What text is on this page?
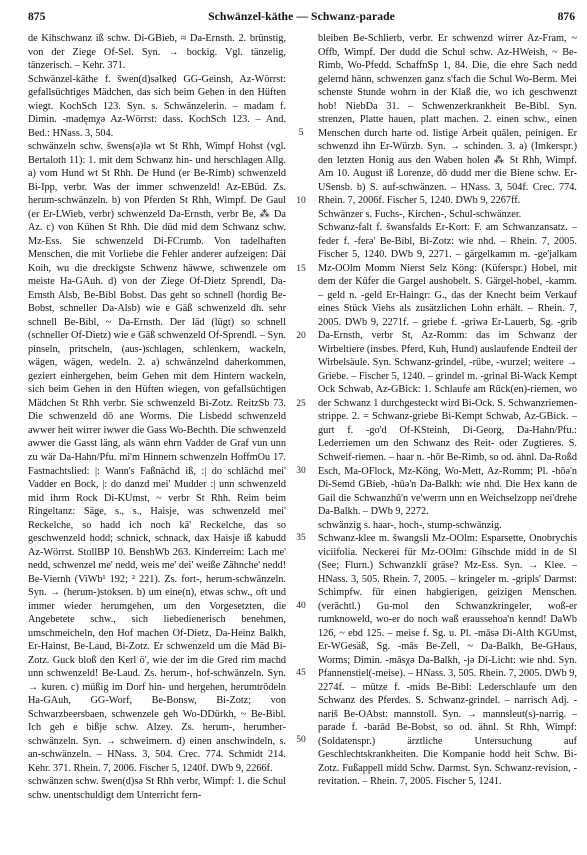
875	Schwänzel-käthe — Schwanz-parade	876

de Kihschwanz iß schw. Di-GBieb, ≈ Da-Ernsth. 2. brünstig, von der Ziege Of-Sel. Syn. → bockig. Vgl. tänzelig, tänzerisch. – Kehr. 371.

Schwänzel-käthe f. šwen(d)səlkeḍ GG-Geinsh, Az-Wörrst: gefallsüchtiges Mädchen, das sich beim Gehen in den Hüften wiegt. KochSch 123. Syn. s. Schwänzelerin. – madam f. Dimin. -madęmχə Az-Wörrst: dass. KochSch 123. – And. Bed.: HNass. 3, 504.

schwänzeln schw. šwens(ə)lə wt St Rhh, Wimpf Hohst (vgl. Bertaloth 11): 1. mit dem Schwanz hin- und herschlagen Allg. a) vom Hund wt St Rhh. De Hund (er Be-Rimb) schwenzeld Bi-Ipp, verbr. Was der immer schwenzeld! Az-EBüd. Zs. herum-schwänzeln. b) von Pferden St Rhh, Wimpf. De Gaul (er Er-LWieb, verbr) schwenzeld Da-Ernsth, verbr Be, ⁂ Da Az. c) von Kühen St Rhh. Die düd mid dem Schwanz schw. Mz-Ess. Sie schwenzeld Di-FCrumb. Von tadelhaften Menschen, die mit Vorliebe die Fehler anderer aufzeigen: Däi Koih, wu die dreckigste Schwenz häwwe, schwenzele om meiste Ha-GAuh. d) von der Ziege Of-Dietz Sprendl, Da-Ernsth Alsb, Be-Bibl Bobst. Das geht so schnell (hordig Be-Bobst, schneller Da-Alsb) wie e Gäß schwenzeld dh. sehr schnell Be-Bibl, ~ Da-Ernsth. Der läd (lügt) so schnell (schneller Of-Dietz) wie e Gäß schwenzeld Of-Sprendl. – Syn. pinseln, pritscheln, (aus-)schlagen, schlenkern, wackeln, wägen, wägen, wedeln. 2. a) schwänzelnd daherkommen, geziert einhergehen, beim Gehen mit dem Hintern wackeln, sich beim Gehen in den Hüften wiegen, von gefallsüchtigen Mädchen St Rhh verbr. Sie schwenzeld Bi-Zotz. ReitzSb 73. Die schwenzeld dō ane Worms. Die Lisbedd schwenzeld awwer heit wirrer iwwer die Gass Wo-Bechth. Die schwenzeld awwer die Gasst läng, als wänn ehrn Vadder de Graf vun unn zu wär Da-Hahn/Pfu. mi'm Hinnern schwenzeln HoffmOu 17. Fastnachtslied: |: Wann's Faßnächd iß, :| do schlächd mei' Vadder en Bock, |: do danzd mei' Mudder :| unn schwenzeld mid ihrm Rock Di-KUmst, ~ verbr St Rhh. Reim beim Ringeltanz: Säge, s., s., Haisje, was schwenzeld mei' Reckelche, so hadd ich noch kä' Reckelche, das so geschwenzeld hodd; schnick, schnack, dax Haisje iß kabudd Az-Wörrst. StollBP 10. BenshWb 263. Kinderreim: Lach me' nedd, schwenzel me' nedd, weis me' dei' weiße Zähnche' nedd! Be-Viernh (ViWb¹ 192; ² 221). Zs. fort-, herum-schwänzeln. Syn. → (herum-)stoksen. b) um eine(n), etwas schw., oft und immer wieder herumgehen, um den Vorgesetzten, die Angebetete schw., sich liebedienerisch benehmen, umschmeicheln, den Hof machen Of-Dietz, Da-Heinz Balkh, Er-Hainst, Be-Laud, Bi-Zotz. Er schwenzeld um die Mäd Bi-Zotz. Guck bloß den Kerl ö', wie der im die Gred rim machd unn schwenzeld! Be-Laud. Zs. herum-, hof-schwänzeln. Syn. → kuren. c) müßig im Dorf hin- und hergehen, herumtrödeln Ha-GAuh, GG-Worf, Be-Bonsw, Bi-Zotz; von Schwarzbeersbaen, schwenzele geh Wo-DDürkh, ~ Be-Bibl. Ich geh e bißje schw. Alzey. Zs. herum-, herumher-schwänzeln. Syn. → schweimern. d) einen anschwindeln, s. an-schwänzeln. – HNass. 3, 504. Crec. 774. Schmidt 214. Kehr. 371. Rhein. 7, 2006. Fischer 5, 1240f. DWb 9, 2266f.

schwänzen schw. šwen(d)sə St Rhh verbr, Wimpf: 1. die Schul schw. unentschuldigt dem Unterricht fern-

5
10
15
20
25
30
35
40
45
50

bleiben Be-Schlierb, verbr. Er schwenzd wirrer Az-Fram, ~ Offb, Wimpf. Der dudd die Schul schw. Az-HWeish, ~ Be-Rimb, Wo-Pfedd. SchaffnSp 1, 84. Die, die ehre Sach nedd gelernd hänn, schwenzen ganz s'fach die Schul Wo-Berm. Mei schenste Stunde wohrn in der Klaß die, wo ich geschwenzt hob! NiebDa 31. – Schwenzerkrankheit Be-Bibl. Syn. strenzen, Platte hauen, platt machen. 2. einen schw., einen Menschen durch harte od. listige Arbeit quälen, peinigen. Er schwenzd ihn Er-Würzb. Syn. → schinden. 3. a) (Imkerspr.) den letzten Honig aus den Waben holen ⁂ St Rhh, Wimpf. Am 10. August iß Lorenze, dō dudd mer die Biene schw. Er-USensb. b) S. auf-schwänzen. – HNass. 3, 504f. Crec. 774. Rhein. 7, 2006f. Fischer 5, 1240. DWb 9, 2267ff.

Schwänzer s. Fuchs-, Kirchen-, Schul-schwänzer.

Schwanz-falt f. šwansfalds Er-Kort: F. am Schwanzansatz. – feder f. -ferə' Be-Bibl, Bi-Zotz: wie nhd. – Rhein. 7, 2005. Fischer 5, 1240. DWb 9, 2271. – gärgelkamm m. -ge'jalkam Mz-OOlm Momm Nierst Selz Köng: (Küferspr.) Hobel, mit dem der Küfer die Gargel aushobelt. S. Gärgel-hobel, -kamm. – geld n. -geld Er-Haingr: G., das der Knecht beim Verkauf eines Stück Viehs als zusätzlichen Lohn erhält. – Rhein. 7, 2005. DWb 9, 2271f. – griebe f. -griwə Er-Lauerb, Sg. -grib Da-Ernsth, verbr St, Az-Romm: das im Schwanz der Wirbeltiere (insbes. Pferd, Kuh, Hund) auslaufende Endteil der Wirbelsäule. Syn. Schwanz-grindel, -rübe, -wurzel; weitere → Griebe. – Fischer 5, 1240. – grindel m. -grinəl Bi-Wack Kempt Ock Schwab, Az-GBick: 1. Schlaufe am Rück(en)-riemen, wo der Schwanz 1 durchgesteckt wird Bi-Ock. S. Schwanzriemen-strippe. 2. = Schwanz-griebe Bi-Kempt Schwab, Az-GBick. – gurt f. -go'd Of-KSteinh, Di-Georg, Da-Hahn/Pfu.: Lederriemen um den Schwanz des Reit- oder Zugtieres. S. Schweif-riemen. – haar n. -hōr Be-Rimb, so od. ähnl. Da-Roßd Esch, Ma-OFlock, Mz-Köng, Wo-Mett, Az-Romm; Pl. -hōə'n Di-Semd GBieb, -hūə'n Da-Balkh: wie nhd. Die Hex kann de Gail die Schwanzhū'n ve'werrn unn en Weichselzopp nei'drehe Da-Balkh. – DWb 9, 2272.

schwänzig s. haar-, hoch-, stump-schwänzig.

Schwanz-klee m. šwangsli Mz-OOlm: Esparsette, Onobrychis viciifolia. Neckerei für Mz-OOlm: Gihschde midd in de Sl (See; Flurn.) Schwanzkli gräse? Mz-Ess. Syn. → Klee. – HNass. 3, 505. Rhein. 7, 2005. – kringeler m. -gripls' Darmst: Schimpfw. für einen habgierigen, geizigen Menschen. (verächtl.) Gu-mol den Schwanzkringeler, woß-er rumknoweld, wo-er do noch waß eraussehoa'n kennd! DaWb 126, ~ ebd 125. – meise f. Sg. u. Pl. -māsə Di-Alth KGUmst, Er-WGesäß, Sg. -mās Be-Zell, ~ Da-Balkh, Be-GHaus, Worms; Dimin. -māsχə Da-Balkh, -jə Di-Licht: wie nhd. Syn. Pfannenstiel(-meise). – HNass. 3, 505. Rhein. 7, 2005. DWb 9, 2274f. – mütze f. -mids Be-Bibl: Lederschlaufe um den Schwanz des Pferdes. S. Schwanz-grindel. – narrisch Adj. -nariš Be-OAbst: mannstoll. Syn. → mannsleut(s)-narrig. – parade f. -barād Be-Bobst, so od. ähnl. St Rhh, Wimpf: (Soldatenspr.) ärztliche Untersuchung auf Geschlechtskrankheiten. Die Kompanie hodd heit Schw. Bi-Zotz. Fußappell midd Schw. Darmst. Syn. Schwanz-revision, -revitation. – Rhein. 7, 2005. Fischer 5, 1241.
